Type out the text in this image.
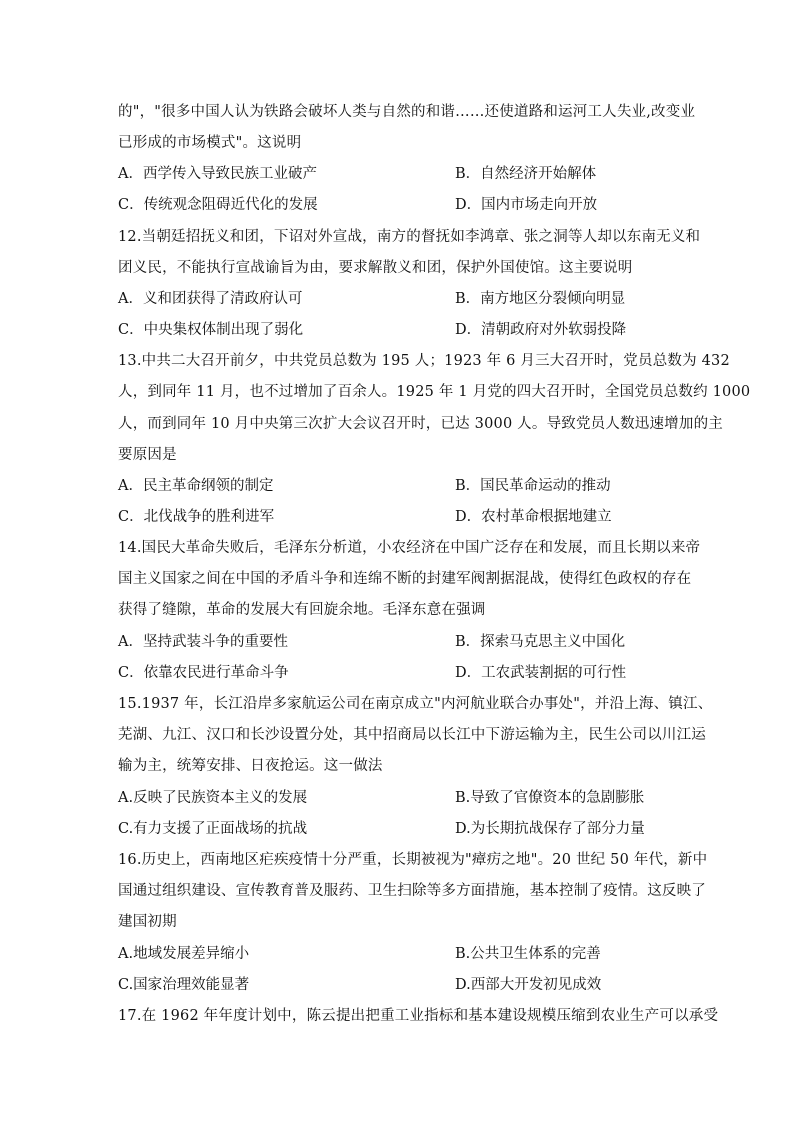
的"，"很多中国人认为铁路会破坏人类与自然的和谐……还使道路和运河工人失业,改变业
已形成的市场模式"。这说明
A．西学传入导致民族工业破产	B．自然经济开始解体
C．传统观念阻碍近代化的发展	D．国内市场走向开放
12.当朝廷招抚义和团，下诏对外宣战，南方的督抚如李鸿章、张之洞等人却以东南无义和
团义民，不能执行宣战谕旨为由，要求解散义和团，保护外国使馆。这主要说明
A．义和团获得了清政府认可	B．南方地区分裂倾向明显
C．中央集权体制出现了弱化	D．清朝政府对外软弱投降
13.中共二大召开前夕，中共党员总数为 195 人；1923 年 6 月三大召开时，党员总数为 432
人，到同年 11 月，也不过增加了百余人。1925 年 1 月党的四大召开时，全国党员总数约 1000
人，而到同年 10 月中央第三次扩大会议召开时，已达 3000 人。导致党员人数迅速增加的主
要原因是
A．民主革命纲领的制定	B．国民革命运动的推动
C．北伐战争的胜利进军	D．农村革命根据地建立
14.国民大革命失败后，毛泽东分析道，小农经济在中国广泛存在和发展，而且长期以来帝
国主义国家之间在中国的矛盾斗争和连绵不断的封建军阀割据混战，使得红色政权的存在
获得了缝隙，革命的发展大有回旋余地。毛泽东意在强调
A．坚持武装斗争的重要性	B．探索马克思主义中国化
C．依靠农民进行革命斗争	D．工农武装割据的可行性
15.1937 年，长江沿岸多家航运公司在南京成立"内河航业联合办事处"，并沿上海、镇江、
芜湖、九江、汉口和长沙设置分处，其中招商局以长江中下游运输为主，民生公司以川江运
输为主，统筹安排、日夜抢运。这一做法
A.反映了民族资本主义的发展	B.导致了官僚资本的急剧膨胀
C.有力支援了正面战场的抗战	D.为长期抗战保存了部分力量
16.历史上，西南地区疟疾疫情十分严重，长期被视为"瘴疠之地"。20 世纪 50 年代，新中
国通过组织建设、宣传教育普及服药、卫生扫除等多方面措施，基本控制了疫情。这反映了
建国初期
A.地域发展差异缩小	B.公共卫生体系的完善
C.国家治理效能显著	D.西部大开发初见成效
17.在 1962 年年度计划中，陈云提出把重工业指标和基本建设规模压缩到农业生产可以承受
